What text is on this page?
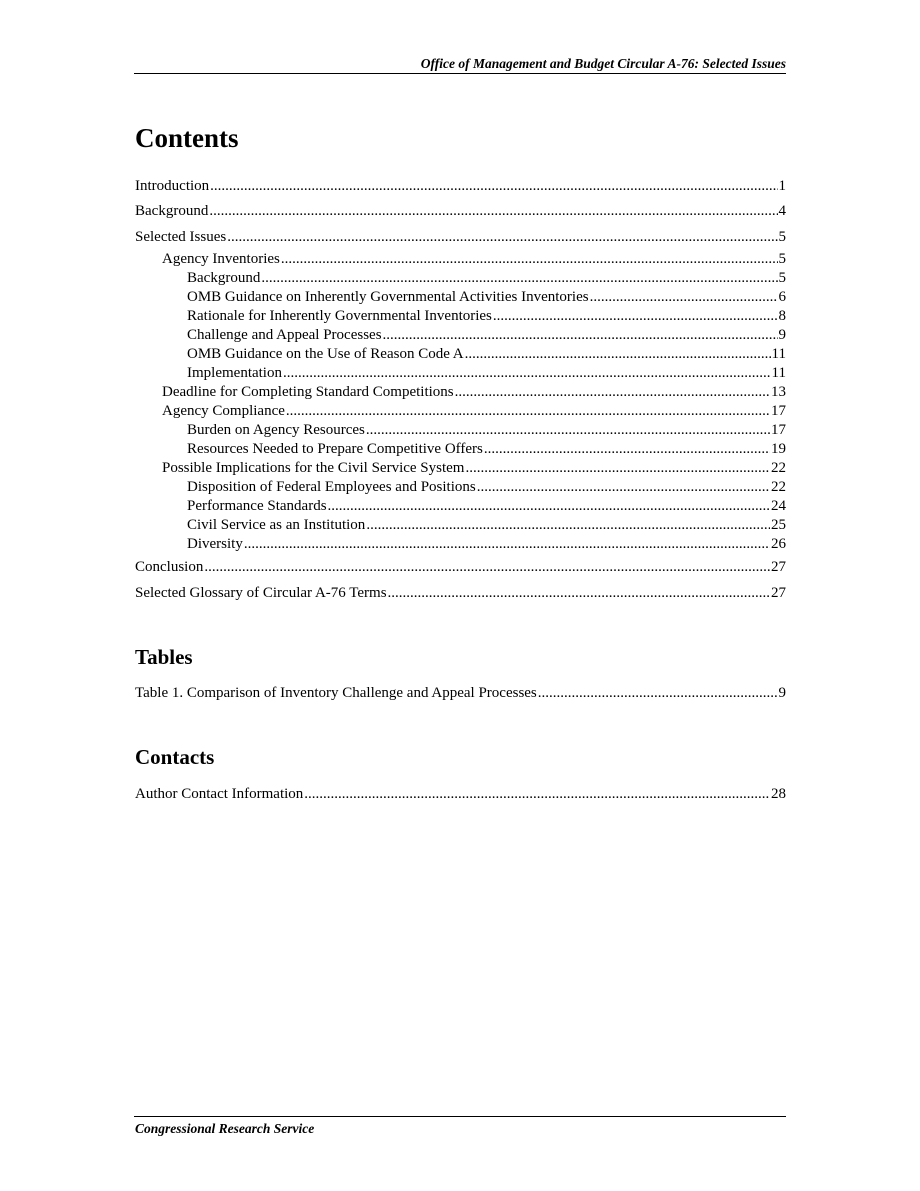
Office of Management and Budget Circular A-76: Selected Issues
Contents
Introduction .....	1
Background .....	4
Selected Issues .....	5
Agency Inventories .....	5
Background .....	5
OMB Guidance on Inherently Governmental Activities Inventories .....	6
Rationale for Inherently Governmental Inventories .....	8
Challenge and Appeal Processes .....	9
OMB Guidance on the Use of Reason Code A .....	11
Implementation .....	11
Deadline for Completing Standard Competitions .....	13
Agency Compliance .....	17
Burden on Agency Resources .....	17
Resources Needed to Prepare Competitive Offers .....	19
Possible Implications for the Civil Service System .....	22
Disposition of Federal Employees and Positions .....	22
Performance Standards .....	24
Civil Service as an Institution .....	25
Diversity .....	26
Conclusion .....	27
Selected Glossary of Circular A-76 Terms .....	27
Tables
Table 1. Comparison of Inventory Challenge and Appeal Processes .....	9
Contacts
Author Contact Information .....	28
Congressional Research Service
